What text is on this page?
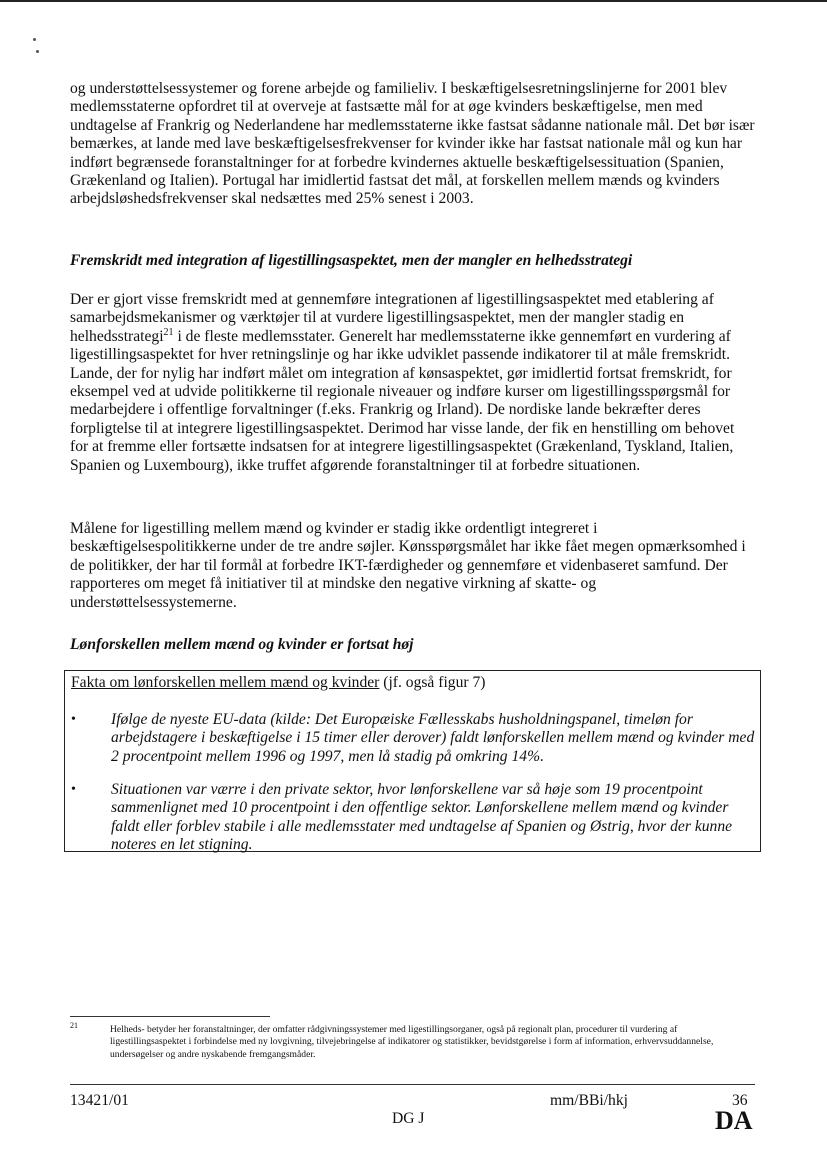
og understøttelsessystemer og forene arbejde og familieliv. I beskæftigelsesretningslinjerne for 2001 blev medlemsstaterne opfordret til at overveje at fastsætte mål for at øge kvinders beskæftigelse, men med undtagelse af Frankrig og Nederlandene har medlemsstaterne ikke fastsat sådanne nationale mål. Det bør især bemærkes, at lande med lave beskæftigelsesfrekvenser for kvinder ikke har fastsat nationale mål og kun har indført begrænsede foranstaltninger for at forbedre kvindernes aktuelle beskæftigelsessituation (Spanien, Grækenland og Italien). Portugal har imidlertid fastsat det mål, at forskellen mellem mænds og kvinders arbejdsløshedsfrekvenser skal nedsættes med 25% senest i 2003.

Fremskridt med integration af ligestillingsaspektet, men der mangler en helhedsstrategi

Der er gjort visse fremskridt med at gennemføre integrationen af ligestillingsaspektet med etablering af samarbejdsmekanismer og værktøjer til at vurdere ligestillingsaspektet, men der mangler stadig en helhedsstrategi$^{21}$ i de fleste medlemsstater. Generelt har medlemsstaterne ikke gennemført en vurdering af ligestillingsaspektet for hver retningslinje og har ikke udviklet passende indikatorer til at måle fremskridt. Lande, der for nylig har indført målet om integration af kønsaspektet, gør imidlertid fortsat fremskridt, for eksempel ved at udvide politikkerne til regionale niveauer og indføre kurser om ligestillingsspørgsmål for medarbejdere i offentlige forvaltninger (f.eks. Frankrig og Irland). De nordiske lande bekræfter deres forpligtelse til at integrere ligestillingsaspektet. Derimod har visse lande, der fik en henstilling om behovet for at fremme eller fortsætte indsatsen for at integrere ligestillingsaspektet (Grækenland, Tyskland, Italien, Spanien og Luxembourg), ikke truffet afgørende foranstaltninger til at forbedre situationen.

Målene for ligestilling mellem mænd og kvinder er stadig ikke ordentligt integreret i beskæftigelsespolitikkerne under de tre andre søjler. Kønsspørgsmålet har ikke fået megen opmærksomhed i de politikker, der har til formål at forbedre IKT-færdigheder og gennemføre et videnbaseret samfund. Der rapporteres om meget få initiativer til at mindske den negative virkning af skatte- og understøttelsessystemerne.

Lønforskellen mellem mænd og kvinder er fortsat høj

Fakta om lønforskellen mellem mænd og kvinder (jf. også figur 7)
• Ifølge de nyeste EU-data (kilde: Det Europæiske Fællesskabs husholdningspanel, timeløn for arbejdstagere i beskæftigelse i 15 timer eller derover) faldt lønforskellen mellem mænd og kvinder med 2 procentpoint mellem 1996 og 1997, men lå stadig på omkring 14%.
• Situationen var værre i den private sektor, hvor lønforskellene var så høje som 19 procentpoint sammenlignet med 10 procentpoint i den offentlige sektor. Lønforskellene mellem mænd og kvinder faldt eller forblev stabile i alle medlemsstater med undtagelse af Spanien og Østrig, hvor der kunne noteres en let stigning.
21	Helheds- betyder her foranstaltninger, der omfatter rådgivningssystemer med ligestillingsorganer, også på regionalt plan, procedurer til vurdering af ligestillingsaspektet i forbindelse med ny lovgivning, tilvejebringelse af indikatorer og statistikker, bevidstgørelse i form af information, erhvervsuddannelse, undersøgelser og andre nyskabende fremgangsmåder.
13421/01	mm/BBi/hkj	36
DG J	DA
